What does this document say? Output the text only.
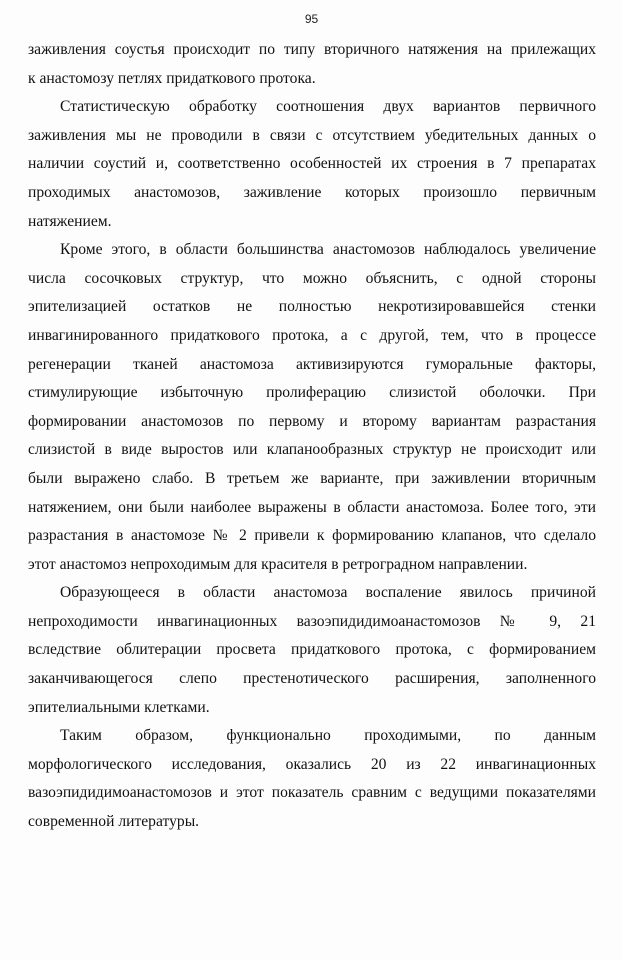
95
заживления соустья происходит по типу вторичного натяжения на прилежащих
к анастомозу петлях придаткового протока.
Статистическую обработку соотношения двух вариантов первичного
заживления мы не проводили в связи с отсутствием убедительных данных о
наличии соустий и, соответственно особенностей их строения в 7 препаратах
проходимых анастомозов, заживление которых произошло первичным
натяжением.
Кроме этого, в области большинства анастомозов наблюдалось увеличение
числа сосочковых структур, что можно объяснить, с одной стороны
эпителизацией остатков не полностью некротизировавшейся стенки
инвагинированного придаткового протока, а с другой, тем, что в процессе
регенерации тканей анастомоза активизируются гуморальные факторы,
стимулирующие избыточную пролиферацию слизистой оболочки. При
формировании анастомозов по первому и второму вариантам разрастания
слизистой в виде выростов или клапанообразных структур не происходит или
были выражено слабо. В третьем же варианте, при заживлении вторичным
натяжением, они были наиболее выражены в области анастомоза. Более того, эти
разрастания в анастомозе № 2 привели к формированию клапанов, что сделало
этот анастомоз непроходимым для красителя в ретроградном направлении.
Образующееся в области анастомоза воспаление явилось причиной
непроходимости инвагинационных вазоэпидидимоанастомозов № 9, 21
вследствие облитерации просвета придаткового протока, с формированием
заканчивающегося слепо престенотического расширения, заполненного
эпителиальными клетками.
Таким образом, функционально проходимыми, по данным
морфологического исследования, оказались 20 из 22 инвагинационных
вазоэпидидимоанастомозов и этот показатель сравним с ведущими показателями
современной литературы.
